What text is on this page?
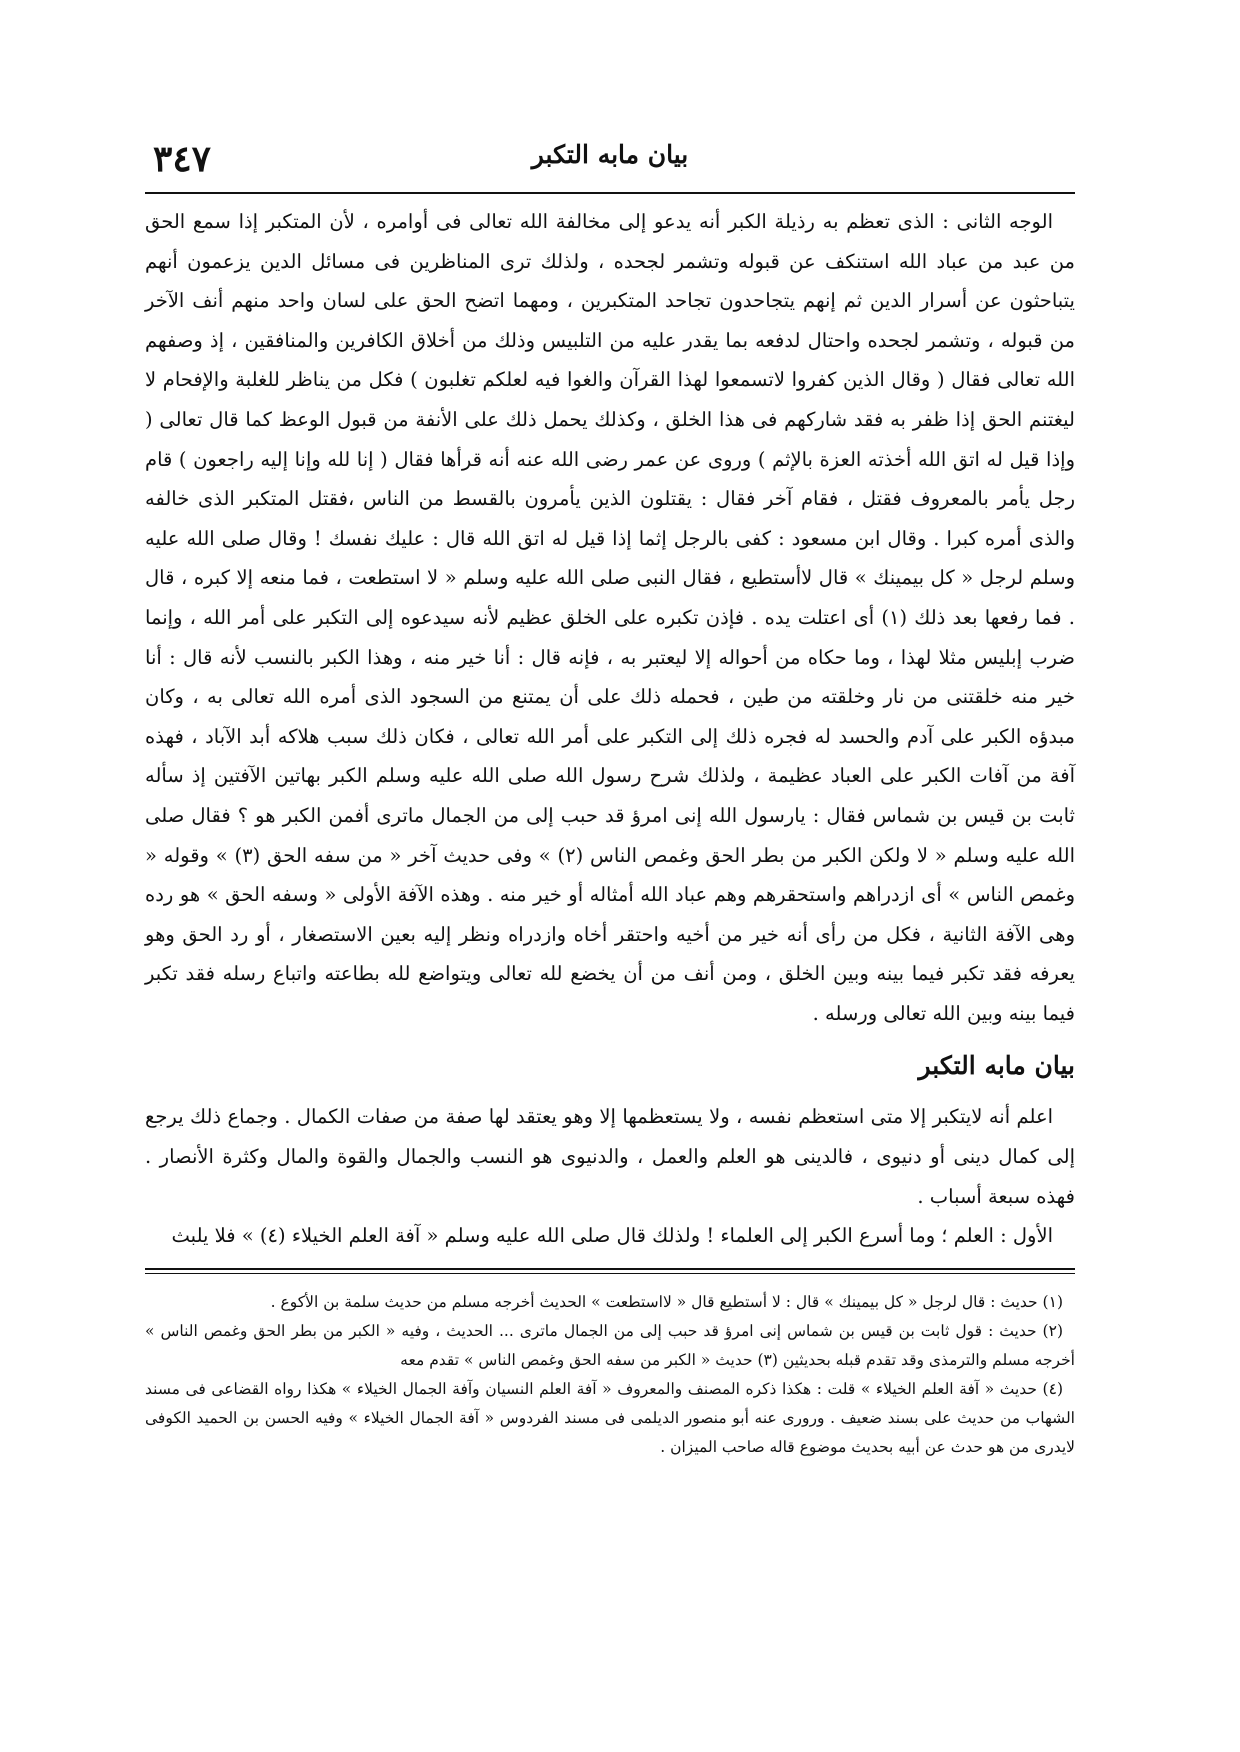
٣٤٧	بيان مابه التكبر

الوجه الثانى : الذى تعظم به رذيلة الكبر أنه يدعو إلى مخالفة الله تعالى فى أوامره ، لأن المتكبر إذا سمع الحق من عبد من عباد الله استنكف عن قبوله وتشمر لجحده ، ولذلك ترى المناظرين فى مسائل الدين يزعمون أنهم يتباحثون عن أسرار الدين ثم إنهم يتجاحدون تجاحد المتكبرين ، ومهما اتضح الحق على لسان واحد منهم أنف الآخر من قبوله ، وتشمر لجحده واحتال لدفعه بما يقدر عليه من التلبيس وذلك من أخلاق الكافرين والمنافقين ، إذ وصفهم الله تعالى فقال ( وقال الذين كفروا لاتسمعوا لهذا القرآن والغوا فيه لعلكم تغلبون ) فكل من يناظر للغلبة والإفحام لا ليغتنم الحق إذا ظفر به فقد شاركهم فى هذا الخلق ، وكذلك يحمل ذلك على الأنفة من قبول الوعظ كما قال تعالى ( وإذا قيل له اتق الله أخذته العزة بالإثم ) وروى عن عمر رضى الله عنه أنه قرأها فقال ( إنا لله وإنا إليه راجعون ) قام رجل يأمر بالمعروف فقتل ، فقام آخر فقال : يقتلون الذين يأمرون بالقسط من الناس ،فقتل المتكبر الذى خالفه والذى أمره كبرا . وقال ابن مسعود : كفى بالرجل إثما إذا قيل له اتق الله قال : عليك نفسك ! وقال صلى الله عليه وسلم لرجل « كل بيمينك » قال لاأستطيع ، فقال النبى صلى الله عليه وسلم « لا استطعت ، فما منعه إلا كبره ، قال . فما رفعها بعد ذلك (١) أى اعتلت يده . فإذن تكبره على الخلق عظيم لأنه سيدعوه إلى التكبر على أمر الله ، وإنما ضرب إبليس مثلا لهذا ، وما حكاه من أحواله إلا ليعتبر به ، فإنه قال : أنا خير منه ، وهذا الكبر بالنسب لأنه قال : أنا خير منه خلقتنى من نار وخلقته من طين ، فحمله ذلك على أن يمتنع من السجود الذى أمره الله تعالى به ، وكان مبدؤه الكبر على آدم والحسد له فجره ذلك إلى التكبر على أمر الله تعالى ، فكان ذلك سبب هلاكه أبد الآباد ، فهذه آفة من آفات الكبر على العباد عظيمة ، ولذلك شرح رسول الله صلى الله عليه وسلم الكبر بهاتين الآفتين إذ سأله ثابت بن قيس بن شماس فقال : يارسول الله إنى امرؤ قد حبب إلى من الجمال ماترى أفمن الكبر هو ؟ فقال صلى الله عليه وسلم « لا ولكن الكبر من بطر الحق وغمص الناس (٢) » وفى حديث آخر « من سفه الحق (٣) » وقوله « وغمص الناس » أى ازدراهم واستحقرهم وهم عباد الله أمثاله أو خير منه . وهذه الآفة الأولى « وسفه الحق » هو رده وهى الآفة الثانية ، فكل من رأى أنه خير من أخيه واحتقر أخاه وازدراه ونظر إليه بعين الاستصغار ، أو رد الحق وهو يعرفه فقد تكبر فيما بينه وبين الخلق ، ومن أنف من أن يخضع لله تعالى ويتواضع لله بطاعته واتباع رسله فقد تكبر فيما بينه وبين الله تعالى ورسله .

بيان مابه التكبر

اعلم أنه لايتكبر إلا متى استعظم نفسه ، ولا يستعظمها إلا وهو يعتقد لها صفة من صفات الكمال . وجماع ذلك يرجع إلى كمال دينى أو دنيوى ، فالدينى هو العلم والعمل ، والدنيوى هو النسب والجمال والقوة والمال وكثرة الأنصار . فهذه سبعة أسباب .

الأول : العلم ؛ وما أسرع الكبر إلى العلماء ! ولذلك قال صلى الله عليه وسلم « آفة العلم الخيلاء (٤) » فلا يلبث

(١) حديث : قال لرجل « كل بيمينك » قال : لا أستطيع قال « لااستطعت » الحديث أخرجه مسلم من حديث سلمة بن الأكوع .

(٢) حديث : قول ثابت بن قيس بن شماس إنى امرؤ قد حبب إلى من الجمال ماترى ... الحديث ، وفيه « الكبر من بطر الحق وغمص الناس » أخرجه مسلم والترمذى وقد تقدم قبله بحديثين (٣) حديث « الكبر من سفه الحق وغمص الناس » تقدم معه

(٤) حديث « آفة العلم الخيلاء » قلت : هكذا ذكره المصنف والمعروف « آفة العلم النسيان وآفة الجمال الخيلاء » هكذا رواه القضاعى فى مسند الشهاب من حديث على بسند ضعيف . ورورى عنه أبو منصور الديلمى فى مسند الفردوس « آفة الجمال الخيلاء » وفيه الحسن بن الحميد الكوفى لايدرى من هو حدث عن أبيه بحديث موضوع قاله صاحب الميزان .
